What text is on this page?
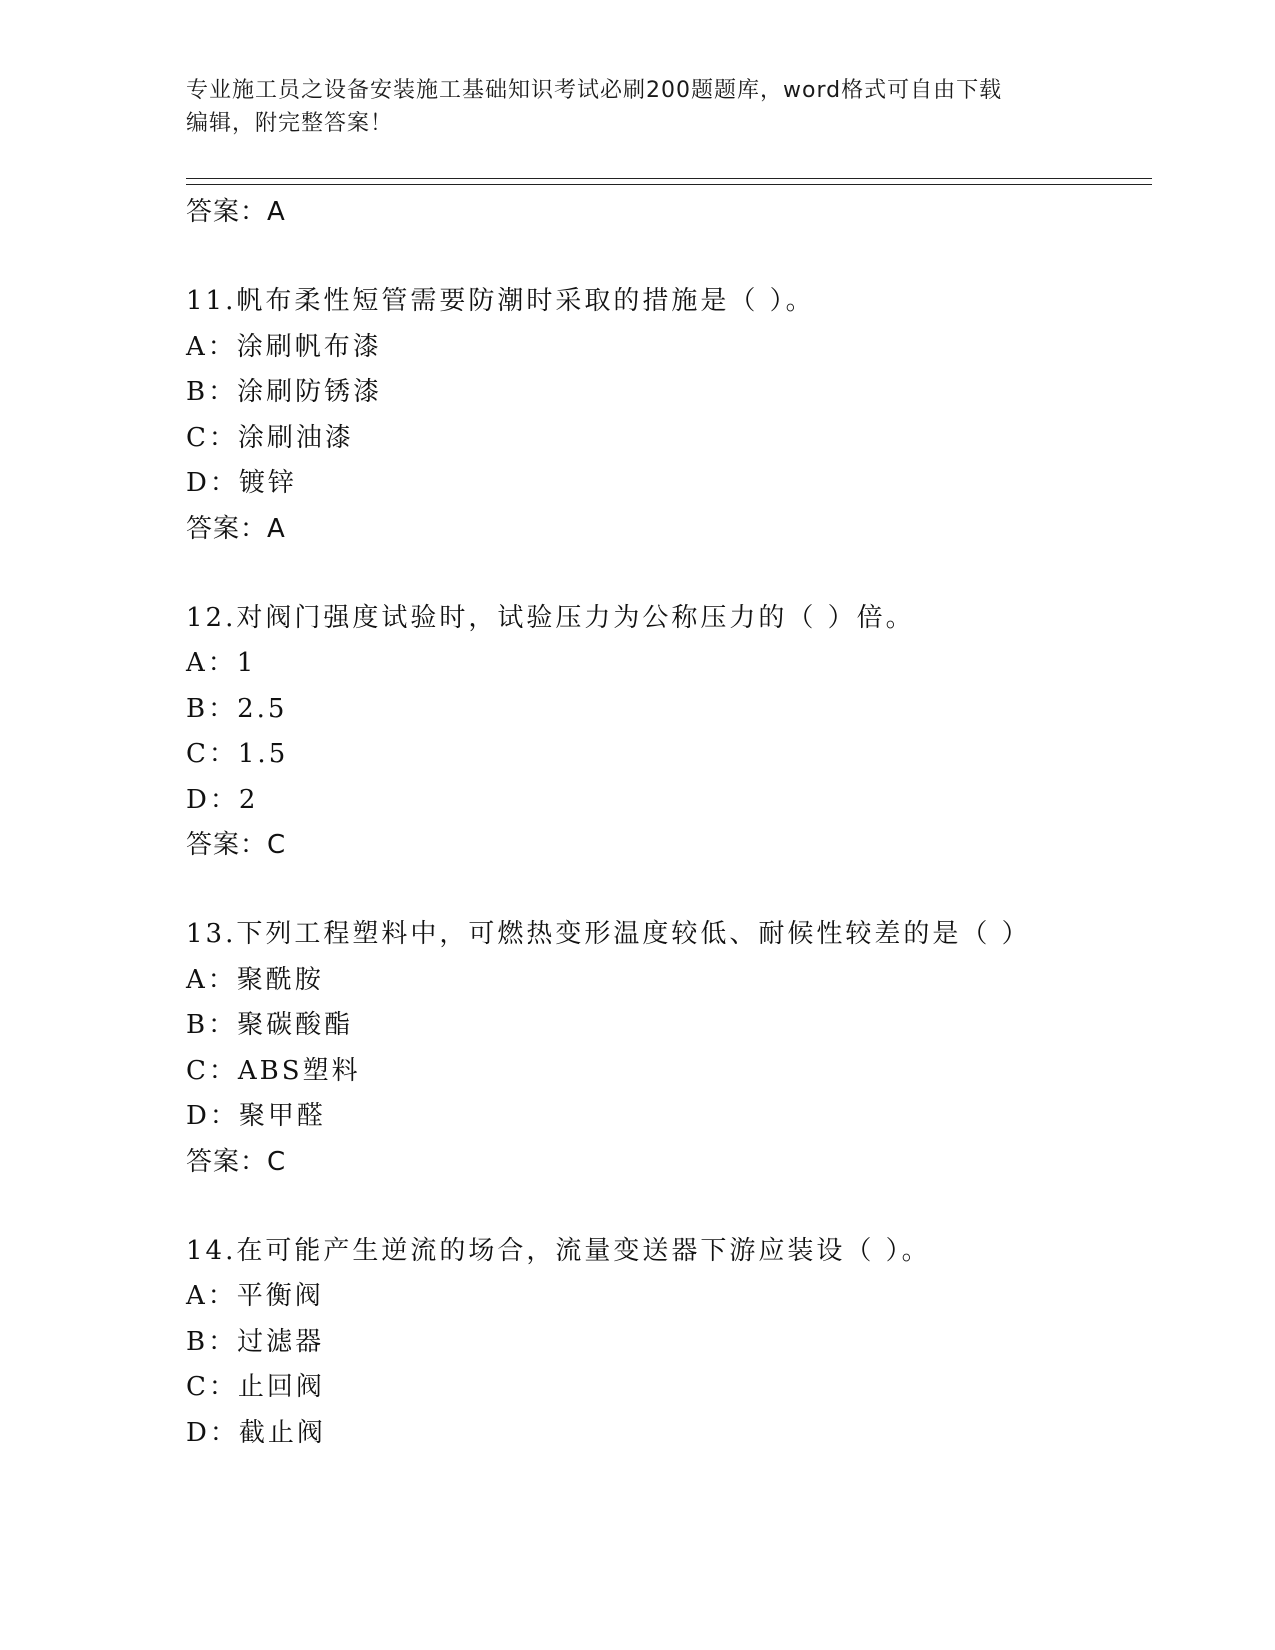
专业施工员之设备安装施工基础知识考试必刷200题题库，word格式可自由下载
编辑，附完整答案！
答案：A
11.帆布柔性短管需要防潮时采取的措施是（ ）。
A：涂刷帆布漆
B：涂刷防锈漆
C：涂刷油漆
D：镀锌
答案：A
12.对阀门强度试验时，试验压力为公称压力的（ ）倍。
A：1
B：2.5
C：1.5
D：2
答案：C
13.下列工程塑料中，可燃热变形温度较低、耐候性较差的是（ ）
A：聚酰胺
B：聚碳酸酯
C：ABS塑料
D：聚甲醛
答案：C
14.在可能产生逆流的场合，流量变送器下游应装设（ ）。
A：平衡阀
B：过滤器
C：止回阀
D：截止阀
